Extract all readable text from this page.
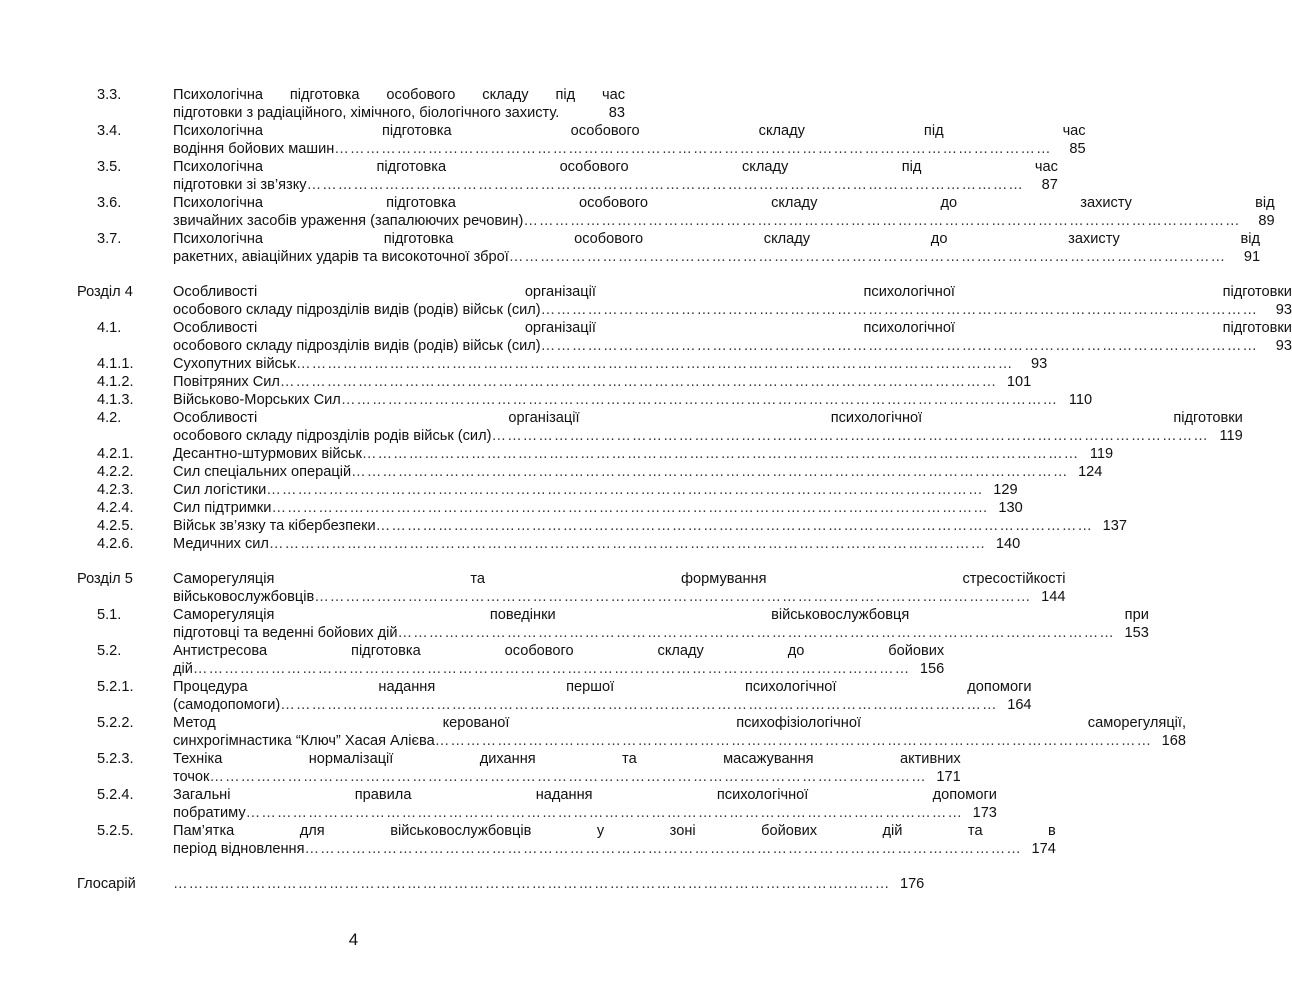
3.3.	Психологічна підготовка особового складу під час
підготовки з радіаційного, хімічного, біологічного захисту.	83
3.4.	Психологічна підготовка особового складу під час
водіння бойових машин …………………………………………………………………………………………………………………………	85
3.5.	Психологічна підготовка особового складу під час
підготовки зі зв’язку …………………………………………………………………………………………………………………………	87
3.6.	Психологічна підготовка особового складу до захисту від
звичайних засобів ураження (запалюючих речовин) …………………………………………………………………………………………………………………………	89
3.7.	Психологічна підготовка особового складу до захисту від
ракетних, авіаційних ударів та високоточної зброї …………………………………………………………………………………………………………………………	91
Розділ 4	Особливості організації психологічної підготовки
особового складу підрозділів видів (родів) військ (сил) …………………………………………………………………………………………………………………………	93
4.1.	Особливості організації психологічної підготовки
особового складу підрозділів видів (родів) військ (сил) …………………………………………………………………………………………………………………………	93
4.1.1.	Сухопутних військ …………………………………………………………………………………………………………………………	93
4.1.2.	Повітряних Сил …………………………………………………………………………………………………………………………	101
4.1.3.	Військово-Морських Сил …………………………………………………………………………………………………………………………	110
4.2.	Особливості організації психологічної підготовки
особового складу підрозділів родів військ (сил) …………………………………………………………………………………………………………………………	119
4.2.1.	Десантно-штурмових військ …………………………………………………………………………………………………………………………	119
4.2.2.	Сил спеціальних операцій …………………………………………………………………………………………………………………………	124
4.2.3.	Сил логістики …………………………………………………………………………………………………………………………	129
4.2.4.	Сил підтримки …………………………………………………………………………………………………………………………	130
4.2.5.	Військ зв’язку та кібербезпеки …………………………………………………………………………………………………………………………	137
4.2.6.	Медичних сил …………………………………………………………………………………………………………………………	140
Розділ 5	Саморегуляція та формування стресостійкості
військовослужбовців …………………………………………………………………………………………………………………………	144
5.1.	Саморегуляція поведінки військовослужбовця при
підготовці та веденні бойових дій …………………………………………………………………………………………………………………………	153
5.2.	Антистресова підготовка особового складу до бойових
дій …………………………………………………………………………………………………………………………	156
5.2.1.	Процедура надання першої психологічної допомоги
(самодопомоги) …………………………………………………………………………………………………………………………	164
5.2.2.	Метод керованої психофізіологічної саморегуляції,
синхрогімнастика “Ключ” Хасая Алієва …………………………………………………………………………………………………………………………	168
5.2.3.	Техніка нормалізації дихання та масажування активних
точок …………………………………………………………………………………………………………………………	171
5.2.4.	Загальні правила надання психологічної допомоги
побратиму …………………………………………………………………………………………………………………………	173
5.2.5.	Пам’ятка для військовослужбовців у зоні бойових дій та в
період відновлення …………………………………………………………………………………………………………………………	174
Глосарій …………………………………………………………………………………………………………………………	176
4
